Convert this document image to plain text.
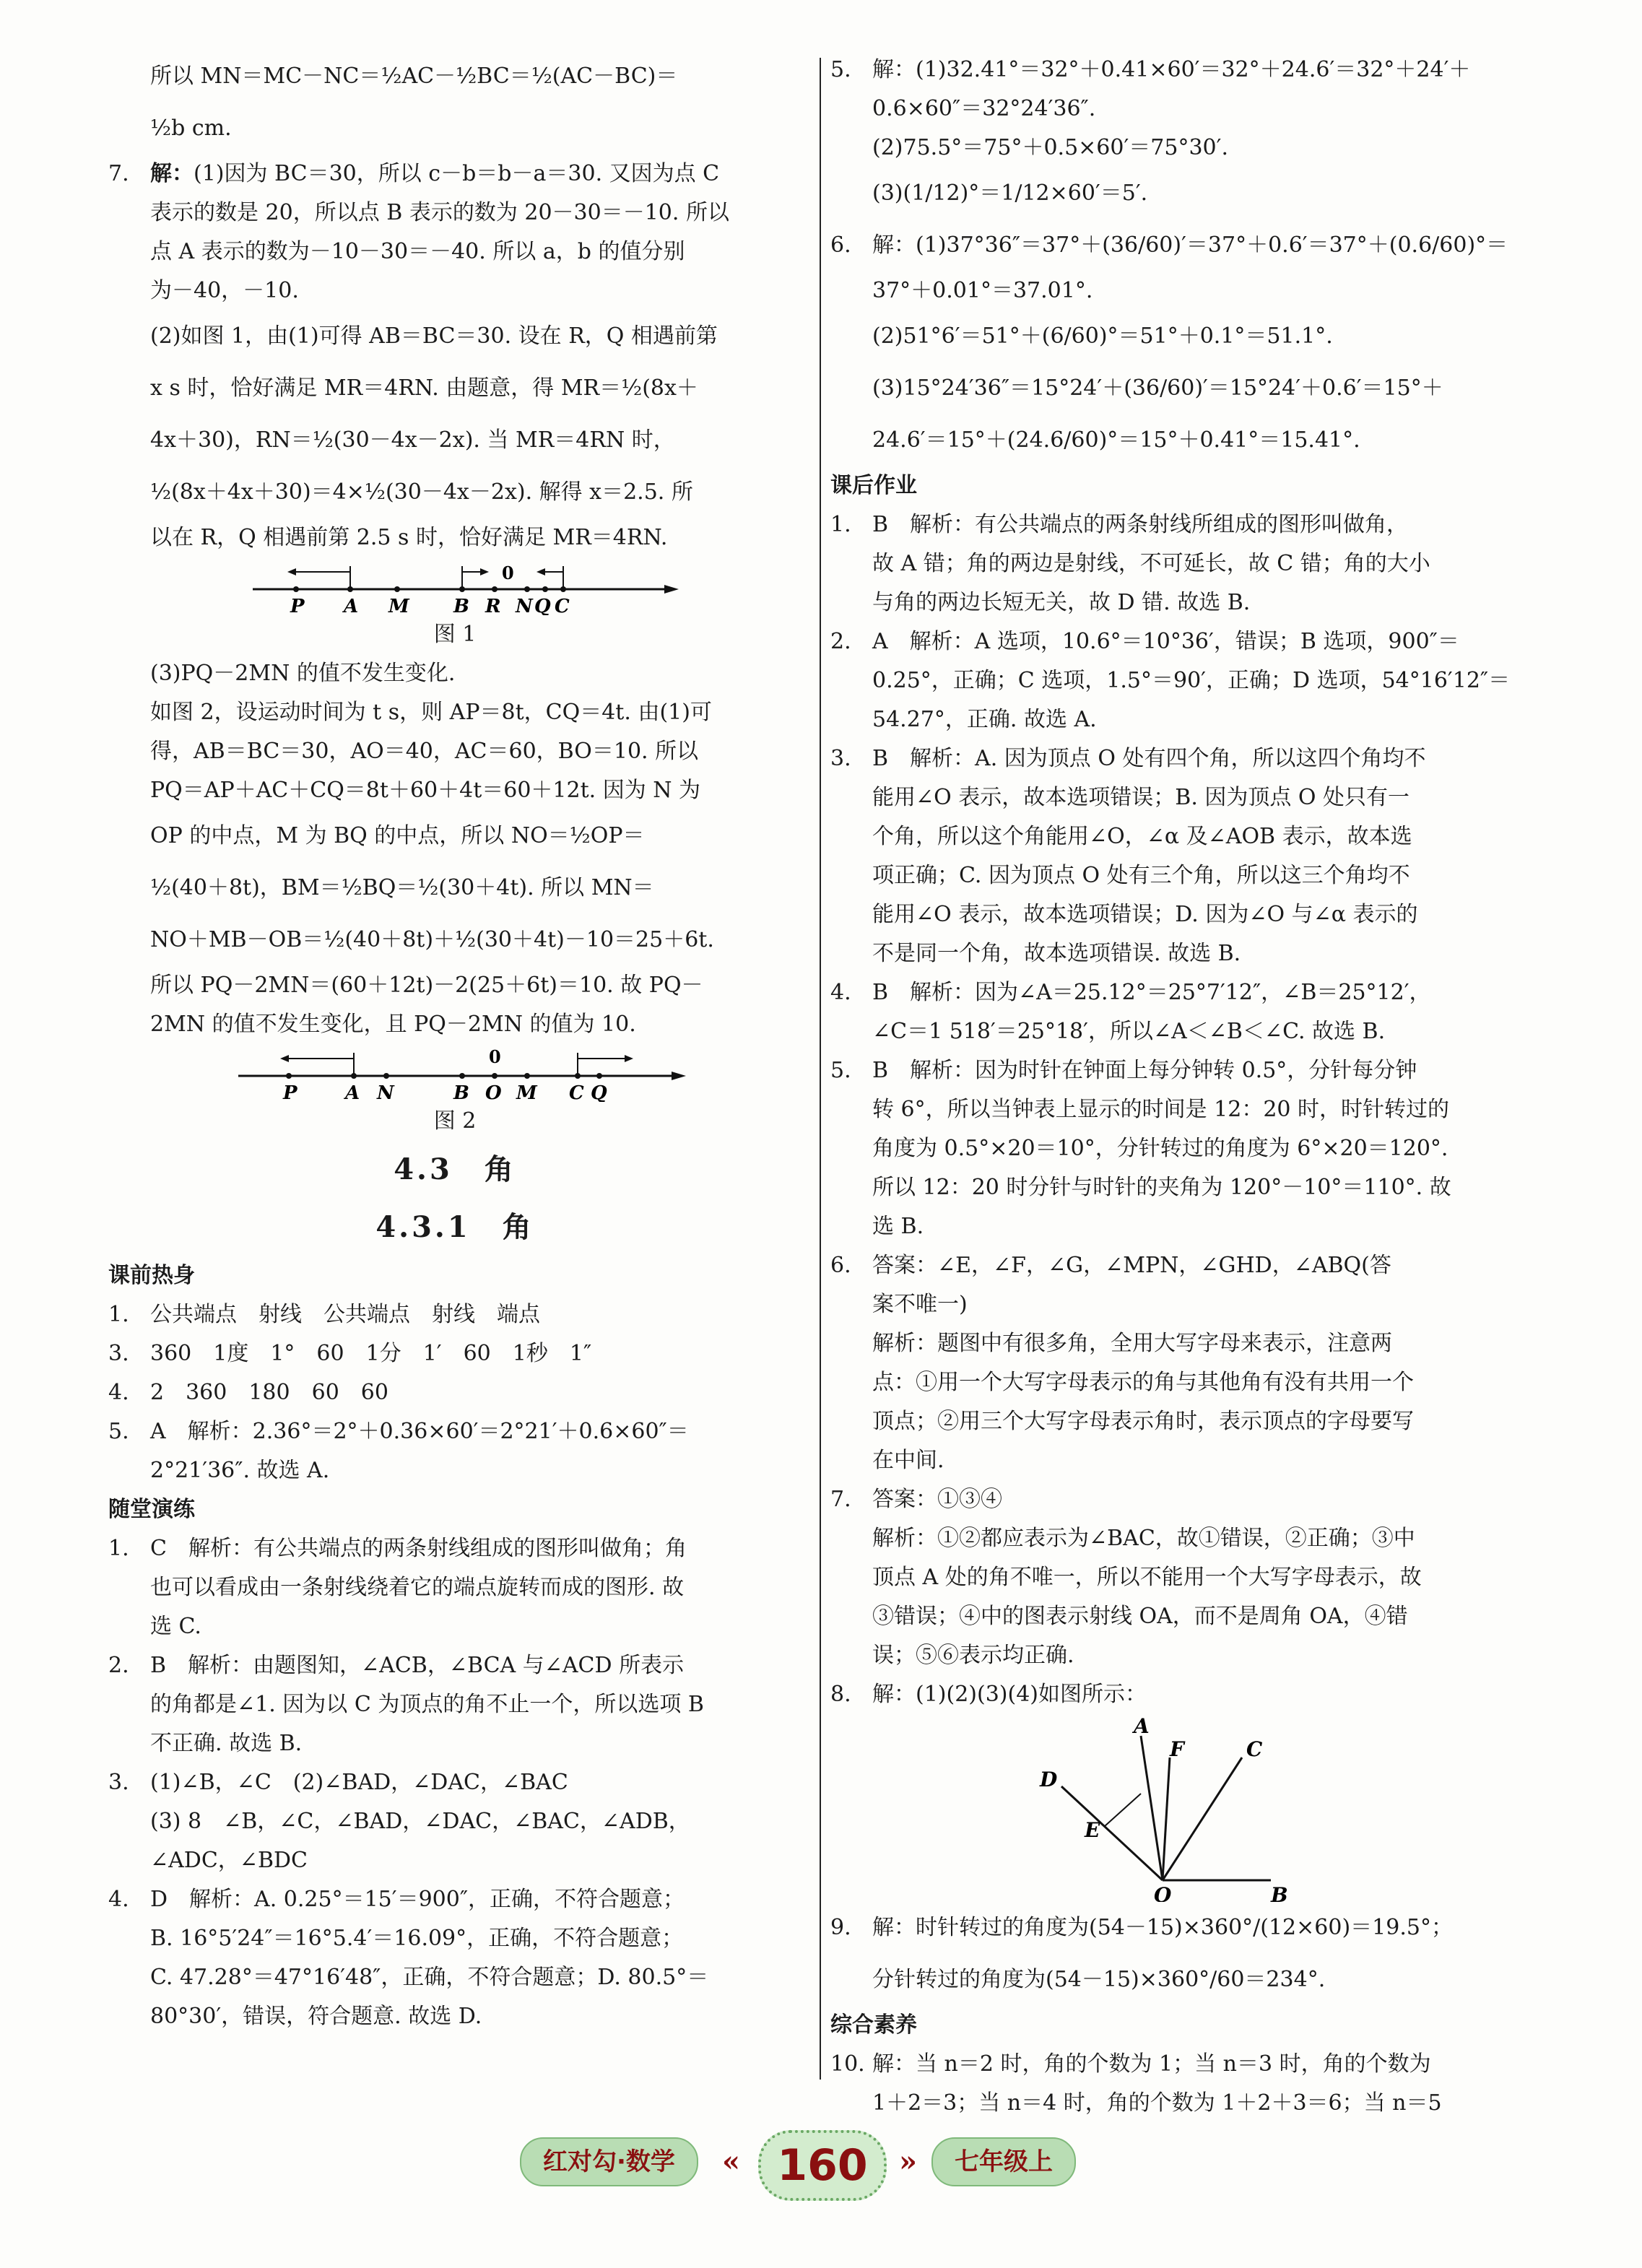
所以 MN＝MC－NC＝½AC－½BC＝½(AC－BC)＝
½b cm.
7. 解：(1)因为 BC＝30，所以 c－b＝b－a＝30. 又因为点 C
表示的数是 20，所以点 B 表示的数为 20－30＝－10. 所以
点 A 表示的数为－10－30＝－40. 所以 a，b 的值分别
为－40，－10.
(2)如图 1，由(1)可得 AB＝BC＝30. 设在 R，Q 相遇前第
x s 时，恰好满足 MR＝4RN. 由题意，得 MR＝½(8x＋
4x＋30)，RN＝½(30－4x－2x). 当 MR＝4RN 时，
½(8x＋4x＋30)＝4×½(30－4x－2x). 解得 x＝2.5. 所
以在 R，Q 相遇前第 2.5 s 时，恰好满足 MR＝4RN.
0
P A M B R N Q C
图 1
(3)PQ－2MN 的值不发生变化.
如图 2，设运动时间为 t s，则 AP＝8t，CQ＝4t. 由(1)可
得，AB＝BC＝30，AO＝40，AC＝60，BO＝10. 所以
PQ＝AP＋AC＋CQ＝8t＋60＋4t＝60＋12t. 因为 N 为
OP 的中点，M 为 BQ 的中点，所以 NO＝½OP＝
½(40＋8t)，BM＝½BQ＝½(30＋4t). 所以 MN＝
NO＋MB－OB＝½(40＋8t)＋½(30＋4t)－10＝25＋6t.
所以 PQ－2MN＝(60＋12t)－2(25＋6t)＝10. 故 PQ－
2MN 的值不发生变化，且 PQ－2MN 的值为 10.
0
P	A N	B O M C Q
图 2
4.3　角
4.3.1　角
课前热身
1. 公共端点　射线　公共端点　射线　端点
3. 360　1度　1°　60　1分　1′　60　1秒　1″
4. 2　360　180　60　60
5. A　解析：2.36°＝2°＋0.36×60′＝2°21′＋0.6×60″＝
2°21′36″. 故选 A.
随堂演练
1. C　解析：有公共端点的两条射线组成的图形叫做角；角
也可以看成由一条射线绕着它的端点旋转而成的图形. 故
选 C.
2. B　解析：由题图知，∠ACB，∠BCA 与∠ACD 所表示
的角都是∠1. 因为以 C 为顶点的角不止一个，所以选项 B
不正确. 故选 B.
3. (1)∠B，∠C　(2)∠BAD，∠DAC，∠BAC
(3) 8　∠B，∠C，∠BAD，∠DAC，∠BAC，∠ADB，
∠ADC，∠BDC
4. D　解析：A. 0.25°＝15′＝900″，正确，不符合题意；
B. 16°5′24″＝16°5.4′＝16.09°，正确，不符合题意；
C. 47.28°＝47°16′48″，正确，不符合题意；D. 80.5°＝
80°30′，错误，符合题意. 故选 D.
5. 解：(1)32.41°＝32°＋0.41×60′＝32°＋24.6′＝32°＋24′＋
0.6×60″＝32°24′36″.
(2)75.5°＝75°＋0.5×60′＝75°30′.
(3)(1/12)°＝1/12×60′＝5′.
6. 解：(1)37°36″＝37°＋(36/60)′＝37°＋0.6′＝37°＋(0.6/60)°＝
37°＋0.01°＝37.01°.
(2)51°6′＝51°＋(6/60)°＝51°＋0.1°＝51.1°.
(3)15°24′36″＝15°24′＋(36/60)′＝15°24′＋0.6′＝15°＋
24.6′＝15°＋(24.6/60)°＝15°＋0.41°＝15.41°.
课后作业
1. B　解析：有公共端点的两条射线所组成的图形叫做角，
故 A 错；角的两边是射线，不可延长，故 C 错；角的大小
与角的两边长短无关，故 D 错. 故选 B.
2. A　解析：A 选项，10.6°＝10°36′，错误；B 选项，900″＝
0.25°，正确；C 选项，1.5°＝90′，正确；D 选项，54°16′12″＝
54.27°，正确. 故选 A.
3. B　解析：A. 因为顶点 O 处有四个角，所以这四个角均不
能用∠O 表示，故本选项错误；B. 因为顶点 O 处只有一
个角，所以这个角能用∠O，∠α 及∠AOB 表示，故本选
项正确；C. 因为顶点 O 处有三个角，所以这三个角均不
能用∠O 表示，故本选项错误；D. 因为∠O 与∠α 表示的
不是同一个角，故本选项错误. 故选 B.
4. B　解析：因为∠A＝25.12°＝25°7′12″，∠B＝25°12′，
∠C＝1 518′＝25°18′，所以∠A＜∠B＜∠C. 故选 B.
5. B　解析：因为时针在钟面上每分钟转 0.5°，分针每分钟
转 6°，所以当钟表上显示的时间是 12：20 时，时针转过的
角度为 0.5°×20＝10°，分针转过的角度为 6°×20＝120°.
所以 12：20 时分针与时针的夹角为 120°－10°＝110°. 故
选 B.
6. 答案：∠E，∠F，∠G，∠MPN，∠GHD，∠ABQ(答
案不唯一)
解析：题图中有很多角，全用大写字母来表示，注意两
点：①用一个大写字母表示的角与其他角有没有共用一个
顶点；②用三个大写字母表示角时，表示顶点的字母要写
在中间.
7. 答案：①③④
解析：①②都应表示为∠BAC，故①错误，②正确；③中
顶点 A 处的角不唯一，所以不能用一个大写字母表示，故
③错误；④中的图表示射线 OA，而不是周角 OA，④错
误；⑤⑥表示均正确.
8. 解：(1)(2)(3)(4)如图所示：
A
F	C
D
E
O	B
9. 解：时针转过的角度为(54－15)×360°/(12×60)＝19.5°；
分针转过的角度为(54－15)×360°/60＝234°.
综合素养
10. 解：当 n＝2 时，角的个数为 1；当 n＝3 时，角的个数为
1＋2＝3；当 n＝4 时，角的个数为 1＋2＋3＝6；当 n＝5
红对勾·数学	« 160	»	七年级上
